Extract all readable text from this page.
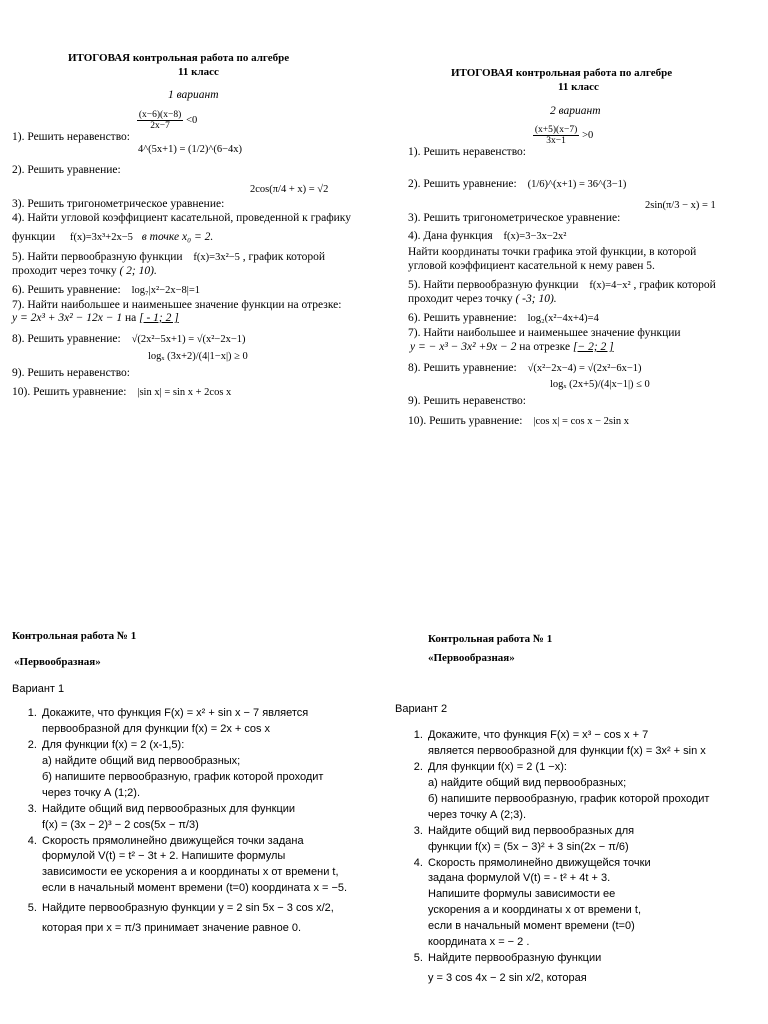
ИТОГОВАЯ контрольная работа по алгебре
11 класс
1 вариант
1). Решить неравенство:
$\frac{(x-6)(x-8)}{2x-7} <0$
4^(5x+1) = (1/2)^(6−4x)
2). Решить уравнение:
2cos(π/4 + x) = √2
3). Решить тригонометрическое уравнение:
4). Найти угловой коэффициент касательной, проведенной к графику
функции f(x)=3x³+2x−5 в точке x₀ = 2.
5). Найти первообразную функции f(x)=3x²−5 , график которой
проходит через точку ( 2; 10).
6). Решить уравнение: log₇|x²−2x−8|=1
7). Найти наибольшее и наименьшее значение функции на отрезке:
y = 2x³ + 3x² − 12x − 1 на [ - 1; 2 ]
8). Решить уравнение: √(2x²−5x+1) = √(x²−2x−1)
logₓ (3x+2)/(4|1−x|) ≥ 0
9). Решить неравенство:
10). Решить уравнение: |sin x| = sin x + 2cos x
ИТОГОВАЯ контрольная работа по алгебре
11 класс
2 вариант
1). Решить неравенство:
$\frac{(x+5)(x-7)}{3x-1} >0$
2). Решить уравнение: (1/6)^(x+1) = 36^(3−1)
2sin(π/3 − x) = 1
3). Решить тригонометрическое уравнение:
4). Дана функция f(x)=3−3x−2x²
Найти координаты точки графика этой функции, в которой
угловой коэффициент касательной к нему равен 5.
5). Найти первообразную функции f(x)=4−x² , график которой
проходит через точку ( -3; 10).
6). Решить уравнение: log₂(x²−4x+4)=4
7). Найти наибольшее и наименьшее значение функции
y = − x³ − 3x² +9x − 2 на отрезке [− 2; 2 ]
8). Решить уравнение: √(x²−2x−4) = √(2x²−6x−1)
logₓ (2x+5)/(4|x−1|) ≤ 0
9). Решить неравенство:
10). Решить уравнение: |cos x| = cos x − 2sin x
Контрольная работа № 1
«Первообразная»
Вариант 1
1. Докажите, что функция F(x) = x² + sin x − 7 является
первообразной для функции f(x) = 2x + cos x
2. Для функции f(x) = 2 (x-1,5):
а) найдите общий вид первообразных;
б) напишите первообразную, график которой проходит
через точку А (1;2).
3. Найдите общий вид первообразных для функции
f(x) = (3x − 2)³ − 2 cos(5x − π/3)
4. Скорость прямолинейно движущейся точки задана
формулой V(t) = t² − 3t + 2. Напишите формулы
зависимости ее ускорения a и координаты x от времени t,
если в начальный момент времени (t=0) координата x = −5.
5. Найдите первообразную функции y = 2 sin 5x − 3 cos x/2,
которая при x = π/3 принимает значение равное 0.
Контрольная работа № 1
«Первообразная»
Вариант 2
1. Докажите, что функция F(x) = x³ − cos x + 7
является первообразной для функции f(x) = 3x² + sin x
2. Для функции f(x) = 2 (1 −x):
а) найдите общий вид первообразных;
б) напишите первообразную, график которой проходит
через точку А (2;3).
3. Найдите общий вид первообразных для
функции f(x) = (5x − 3)² + 3 sin(2x − π/6)
4. Скорость прямолинейно движущейся точки
задана формулой V(t) = - t² + 4t + 3.
Напишите формулы зависимости ее
ускорения a и координаты x от времени t,
если в начальный момент времени (t=0)
координата x = − 2 .
5. Найдите первообразную функции
y = 3 cos 4x − 2 sin x/2, которая
